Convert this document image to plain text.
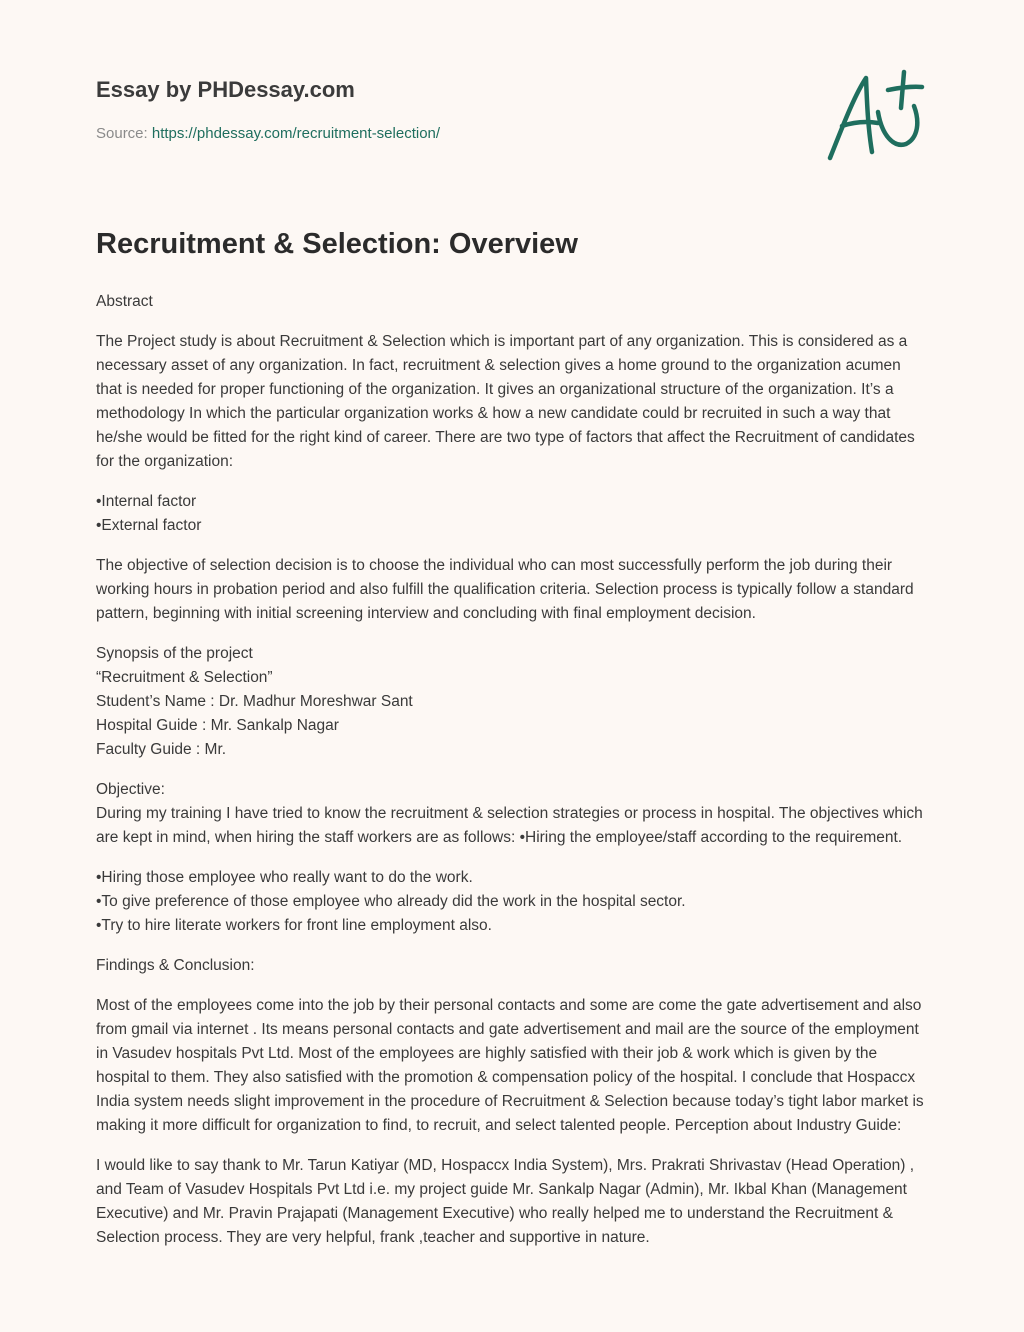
Essay by PHDessay.com
Source: https://phdessay.com/recruitment-selection/
Recruitment & Selection: Overview

Abstract

The Project study is about Recruitment & Selection which is important part of any organization. This is considered as a necessary asset of any organization. In fact, recruitment & selection gives a home ground to the organization acumen that is needed for proper functioning of the organization. It gives an organizational structure of the organization. It’s a methodology In which the particular organization works & how a new candidate could br recruited in such a way that he/she would be fitted for the right kind of career. There are two type of factors that affect the Recruitment of candidates for the organization:

•Internal factor
•External factor

The objective of selection decision is to choose the individual who can most successfully perform the job during their working hours in probation period and also fulfill the qualification criteria. Selection process is typically follow a standard pattern, beginning with initial screening interview and concluding with final employment decision.

Synopsis of the project
“Recruitment & Selection”
Student’s Name : Dr. Madhur Moreshwar Sant
Hospital Guide : Mr. Sankalp Nagar
Faculty Guide : Mr.

Objective:
During my training I have tried to know the recruitment & selection strategies or process in hospital. The objectives which are kept in mind, when hiring the staff workers are as follows: •Hiring the employee/staff according to the requirement.

•Hiring those employee who really want to do the work.
•To give preference of those employee who already did the work in the hospital sector.
•Try to hire literate workers for front line employment also.

Findings & Conclusion:

Most of the employees come into the job by their personal contacts and some are come the gate advertisement and also from gmail via internet . Its means personal contacts and gate advertisement and mail are the source of the employment in Vasudev hospitals Pvt Ltd. Most of the employees are highly satisfied with their job & work which is given by the hospital to them. They also satisfied with the promotion & compensation policy of the hospital. I conclude that Hospaccx India system needs slight improvement in the procedure of Recruitment & Selection because today’s tight labor market is making it more difficult for organization to find, to recruit, and select talented people. Perception about Industry Guide:

I would like to say thank to Mr. Tarun Katiyar (MD, Hospaccx India System), Mrs. Prakrati Shrivastav (Head Operation) , and Team of Vasudev Hospitals Pvt Ltd i.e. my project guide Mr. Sankalp Nagar (Admin), Mr. Ikbal Khan (Management Executive) and Mr. Pravin Prajapati (Management Executive) who really helped me to understand the Recruitment & Selection process. They are very helpful, frank ,teacher and supportive in nature.
